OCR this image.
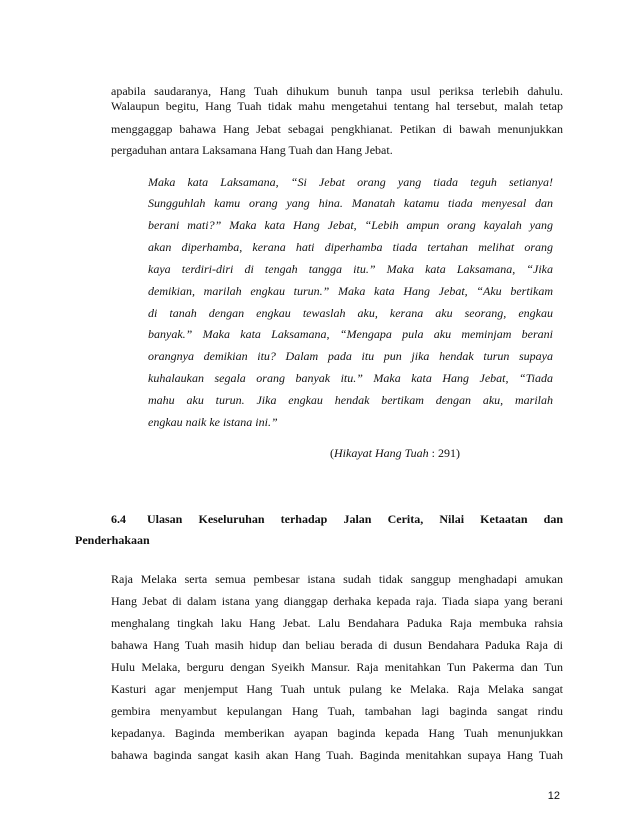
apabila saudaranya, Hang Tuah dihukum bunuh tanpa usul periksa terlebih dahulu.
Walaupun begitu, Hang Tuah tidak mahu mengetahui tentang hal tersebut, malah tetap
menggaggap bahawa Hang Jebat sebagai pengkhianat. Petikan di bawah menunjukkan
pergaduhan antara Laksamana Hang Tuah dan Hang Jebat.
Maka kata Laksamana, “Si Jebat orang yang tiada teguh setianya!
Sungguhlah kamu orang yang hina. Manatah katamu tiada menyesal dan
berani mati?” Maka kata Hang Jebat, “Lebih ampun orang kayalah yang
akan diperhamba, kerana hati diperhamba tiada tertahan melihat orang
kaya terdiri-diri di tengah tangga itu.” Maka kata Laksamana, “Jika
demikian, marilah engkau turun.” Maka kata Hang Jebat, “Aku bertikam
di tanah dengan engkau tewaslah aku, kerana aku seorang, engkau
banyak.” Maka kata Laksamana, “Mengapa pula aku meminjam berani
orangnya demikian itu? Dalam pada itu pun jika hendak turun supaya
kuhalaukan segala orang banyak itu.” Maka kata Hang Jebat, “Tiada
mahu aku turun. Jika engkau hendak bertikam dengan aku, marilah
engkau naik ke istana ini.”
(Hikayat Hang Tuah : 291)
6.4 Ulasan Keseluruhan terhadap Jalan Cerita, Nilai Ketaatan dan
Penderhakaan
Raja Melaka serta semua pembesar istana sudah tidak sanggup menghadapi amukan
Hang Jebat di dalam istana yang dianggap derhaka kepada raja. Tiada siapa yang berani
menghalang tingkah laku Hang Jebat. Lalu Bendahara Paduka Raja membuka rahsia
bahawa Hang Tuah masih hidup dan beliau berada di dusun Bendahara Paduka Raja di
Hulu Melaka, berguru dengan Syeikh Mansur. Raja menitahkan Tun Pakerma dan Tun
Kasturi agar menjemput Hang Tuah untuk pulang ke Melaka. Raja Melaka sangat
gembira menyambut kepulangan Hang Tuah, tambahan lagi baginda sangat rindu
kepadanya. Baginda memberikan ayapan baginda kepada Hang Tuah menunjukkan
bahawa baginda sangat kasih akan Hang Tuah. Baginda menitahkan supaya Hang Tuah
12
